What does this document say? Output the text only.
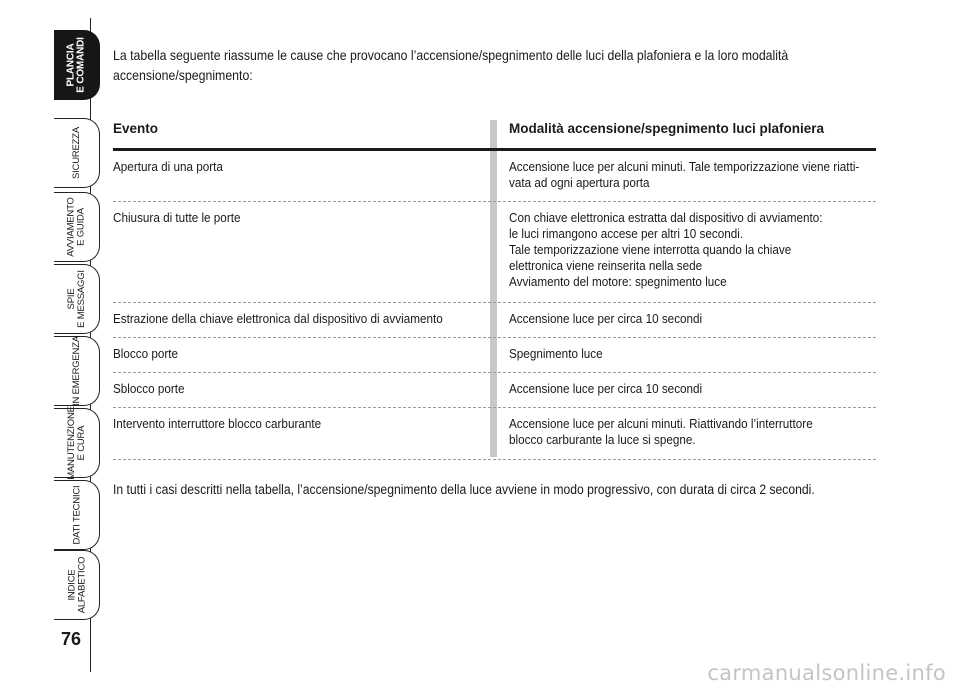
PLANCIA
E COMANDI
SICUREZZA
AVVIAMENTO
E GUIDA
SPIE
E MESSAGGI
IN EMERGENZA
MANUTENZIONE
E CURA
DATI TECNICI
INDICE
ALFABETICO
76
La tabella seguente riassume le cause che provocano l’accensione/spegnimento delle luci della plafoniera e la loro modalità accensione/spegnimento:
Evento	Modalità accensione/spegnimento luci plafoniera
Apertura di una porta	Accensione luce per alcuni minuti. Tale temporizzazione viene riatti-
vata ad ogni apertura porta
Chiusura di tutte le porte	Con chiave elettronica estratta dal dispositivo di avviamento:
le luci rimangono accese per altri 10 secondi.
Tale temporizzazione viene interrotta quando la chiave
elettronica viene reinserita nella sede
Avviamento del motore: spegnimento luce
Estrazione della chiave elettronica dal dispositivo di avviamento	Accensione luce per circa 10 secondi
Blocco porte	Spegnimento luce
Sblocco porte	Accensione luce per circa 10 secondi
Intervento interruttore blocco carburante	Accensione luce per alcuni minuti. Riattivando l’interruttore
blocco carburante la luce si spegne.
In tutti i casi descritti nella tabella, l’accensione/spegnimento della luce avviene in modo progressivo, con durata di circa 2 secondi.
carmanualsonline.info
